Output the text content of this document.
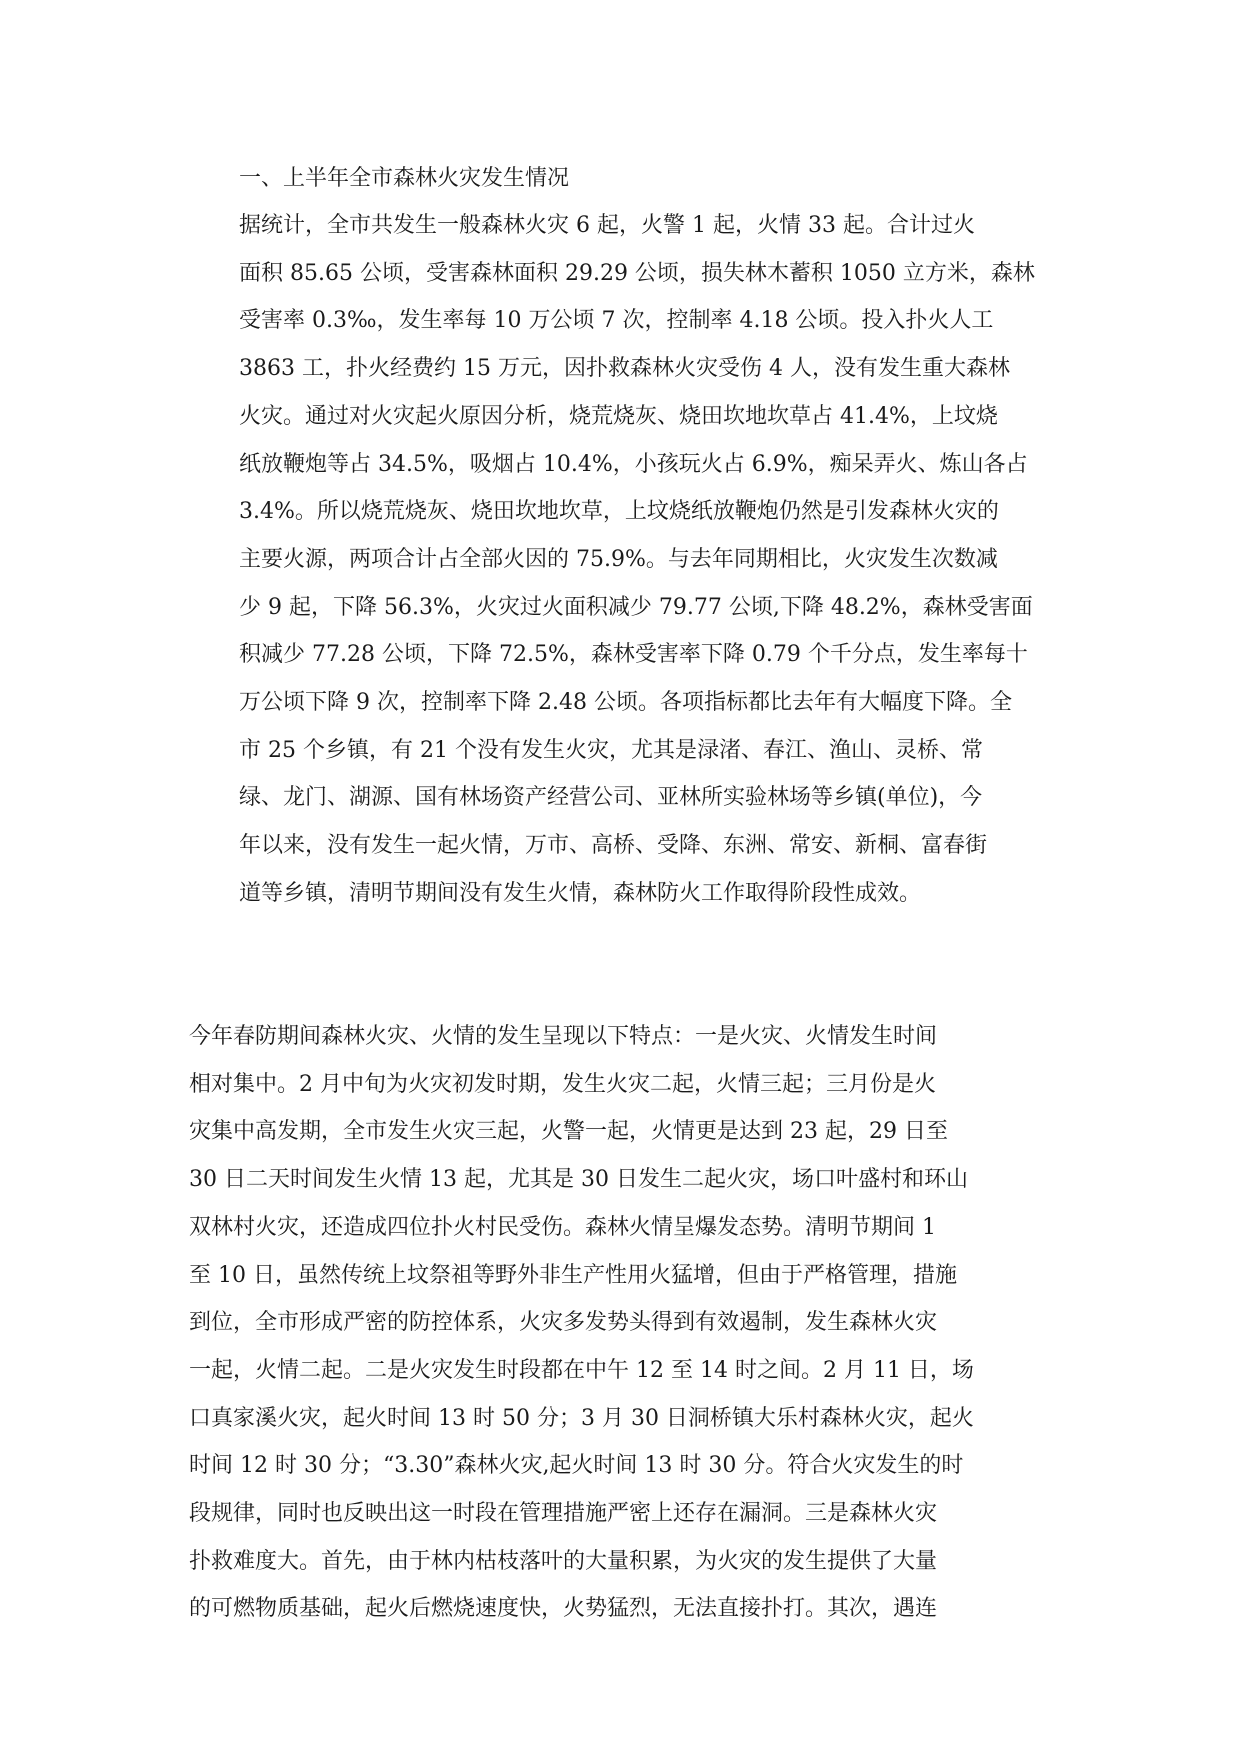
一、上半年全市森林火灾发生情况

据统计，全市共发生一般森林火灾 6 起，火警 1 起，火情 33 起。合计过火
面积 85.65 公顷，受害森林面积 29.29 公顷，损失林木蓄积 1050 立方米，森林
受害率 0.3‰，发生率每 10 万公顷 7 次，控制率 4.18 公顷。投入扑火人工
3863 工，扑火经费约 15 万元，因扑救森林火灾受伤 4 人，没有发生重大森林
火灾。通过对火灾起火原因分析，烧荒烧灰、烧田坎地坎草占 41.4%，上坟烧
纸放鞭炮等占 34.5%，吸烟占 10.4%，小孩玩火占 6.9%，痴呆弄火、炼山各占
3.4%。所以烧荒烧灰、烧田坎地坎草，上坟烧纸放鞭炮仍然是引发森林火灾的
主要火源，两项合计占全部火因的 75.9%。与去年同期相比，火灾发生次数减
少 9 起，下降 56.3%，火灾过火面积减少 79.77 公顷,下降 48.2%，森林受害面
积减少 77.28 公顷，下降 72.5%，森林受害率下降 0.79 个千分点，发生率每十
万公顷下降 9 次，控制率下降 2.48 公顷。各项指标都比去年有大幅度下降。全
市 25 个乡镇，有 21 个没有发生火灾，尤其是渌渚、春江、渔山、灵桥、常
绿、龙门、湖源、国有林场资产经营公司、亚林所实验林场等乡镇(单位)，今
年以来，没有发生一起火情，万市、高桥、受降、东洲、常安、新桐、富春街
道等乡镇，清明节期间没有发生火情，森林防火工作取得阶段性成效。
今年春防期间森林火灾、火情的发生呈现以下特点：一是火灾、火情发生时间
相对集中。2 月中旬为火灾初发时期，发生火灾二起，火情三起；三月份是火
灾集中高发期，全市发生火灾三起，火警一起，火情更是达到 23 起，29 日至
30 日二天时间发生火情 13 起，尤其是 30 日发生二起火灾，场口叶盛村和环山
双林村火灾，还造成四位扑火村民受伤。森林火情呈爆发态势。清明节期间 1
至 10 日，虽然传统上坟祭祖等野外非生产性用火猛增，但由于严格管理，措施
到位，全市形成严密的防控体系，火灾多发势头得到有效遏制，发生森林火灾
一起，火情二起。二是火灾发生时段都在中午 12 至 14 时之间。2 月 11 日，场
口真家溪火灾，起火时间 13 时 50 分；3 月 30 日洞桥镇大乐村森林火灾，起火
时间 12 时 30 分；“3.30”森林火灾,起火时间 13 时 30 分。符合火灾发生的时
段规律，同时也反映出这一时段在管理措施严密上还存在漏洞。三是森林火灾
扑救难度大。首先，由于林内枯枝落叶的大量积累，为火灾的发生提供了大量
的可燃物质基础，起火后燃烧速度快，火势猛烈，无法直接扑打。其次，遇连
